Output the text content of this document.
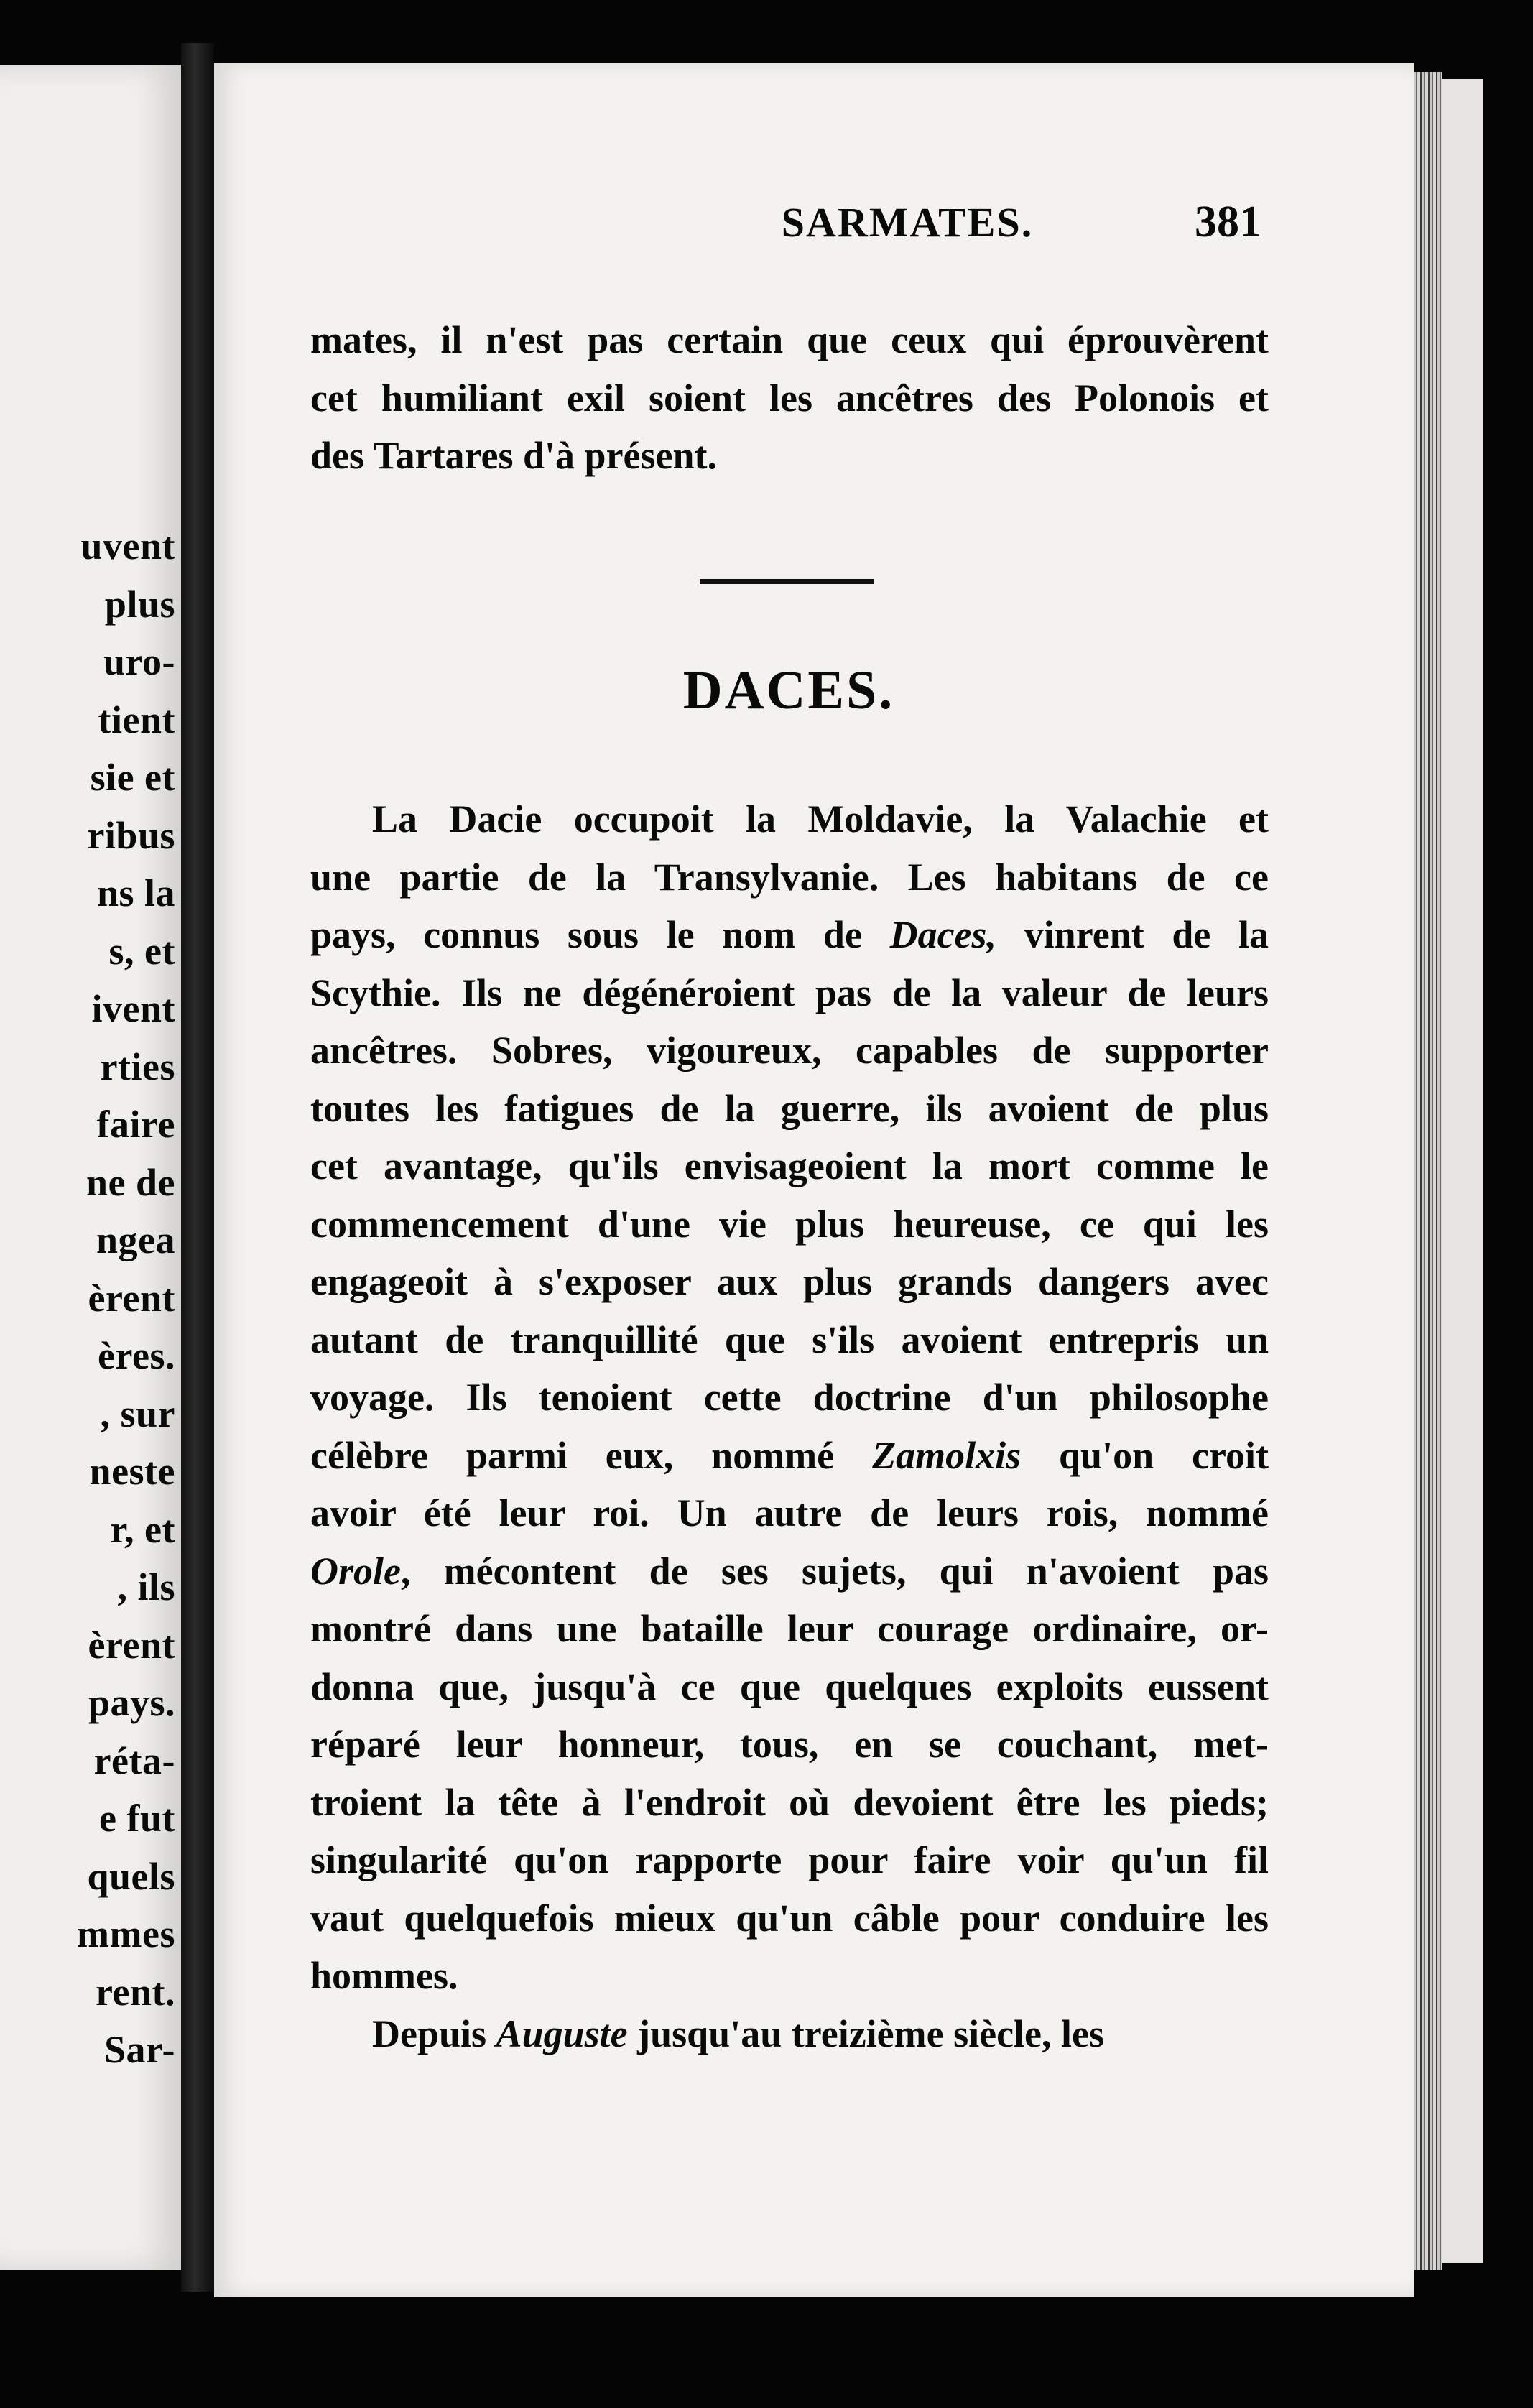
uvent
plus
uro-
tient
sie et
ribus
ns la
s, et
ivent
rties
faire
ne de
ngea
èrent
ères.
, sur
neste
r, et
, ils
èrent
pays.
réta-
e fut
quels
mmes
rent.
Sar-
SARMATES.	381
mates, il n'est pas certain que ceux qui éprouvèrent
cet humiliant exil soient les ancêtres des Polonois et
des Tartares d'à présent.
DACES.
La Dacie occupoit la Moldavie, la Valachie et
une partie de la Transylvanie. Les habitans de ce
pays, connus sous le nom de Daces, vinrent de la
Scythie. Ils ne dégénéroient pas de la valeur de leurs
ancêtres. Sobres, vigoureux, capables de supporter
toutes les fatigues de la guerre, ils avoient de plus
cet avantage, qu'ils envisageoient la mort comme le
commencement d'une vie plus heureuse, ce qui les
engageoit à s'exposer aux plus grands dangers avec
autant de tranquillité que s'ils avoient entrepris un
voyage. Ils tenoient cette doctrine d'un philosophe
célèbre parmi eux, nommé Zamolxis qu'on croit
avoir été leur roi. Un autre de leurs rois, nommé
Orole, mécontent de ses sujets, qui n'avoient pas
montré dans une bataille leur courage ordinaire, or-
donna que, jusqu'à ce que quelques exploits eussent
réparé leur honneur, tous, en se couchant, met-
troient la tête à l'endroit où devoient être les pieds;
singularité qu'on rapporte pour faire voir qu'un fil
vaut quelquefois mieux qu'un câble pour conduire les
hommes.
Depuis Auguste jusqu'au treizième siècle, les
